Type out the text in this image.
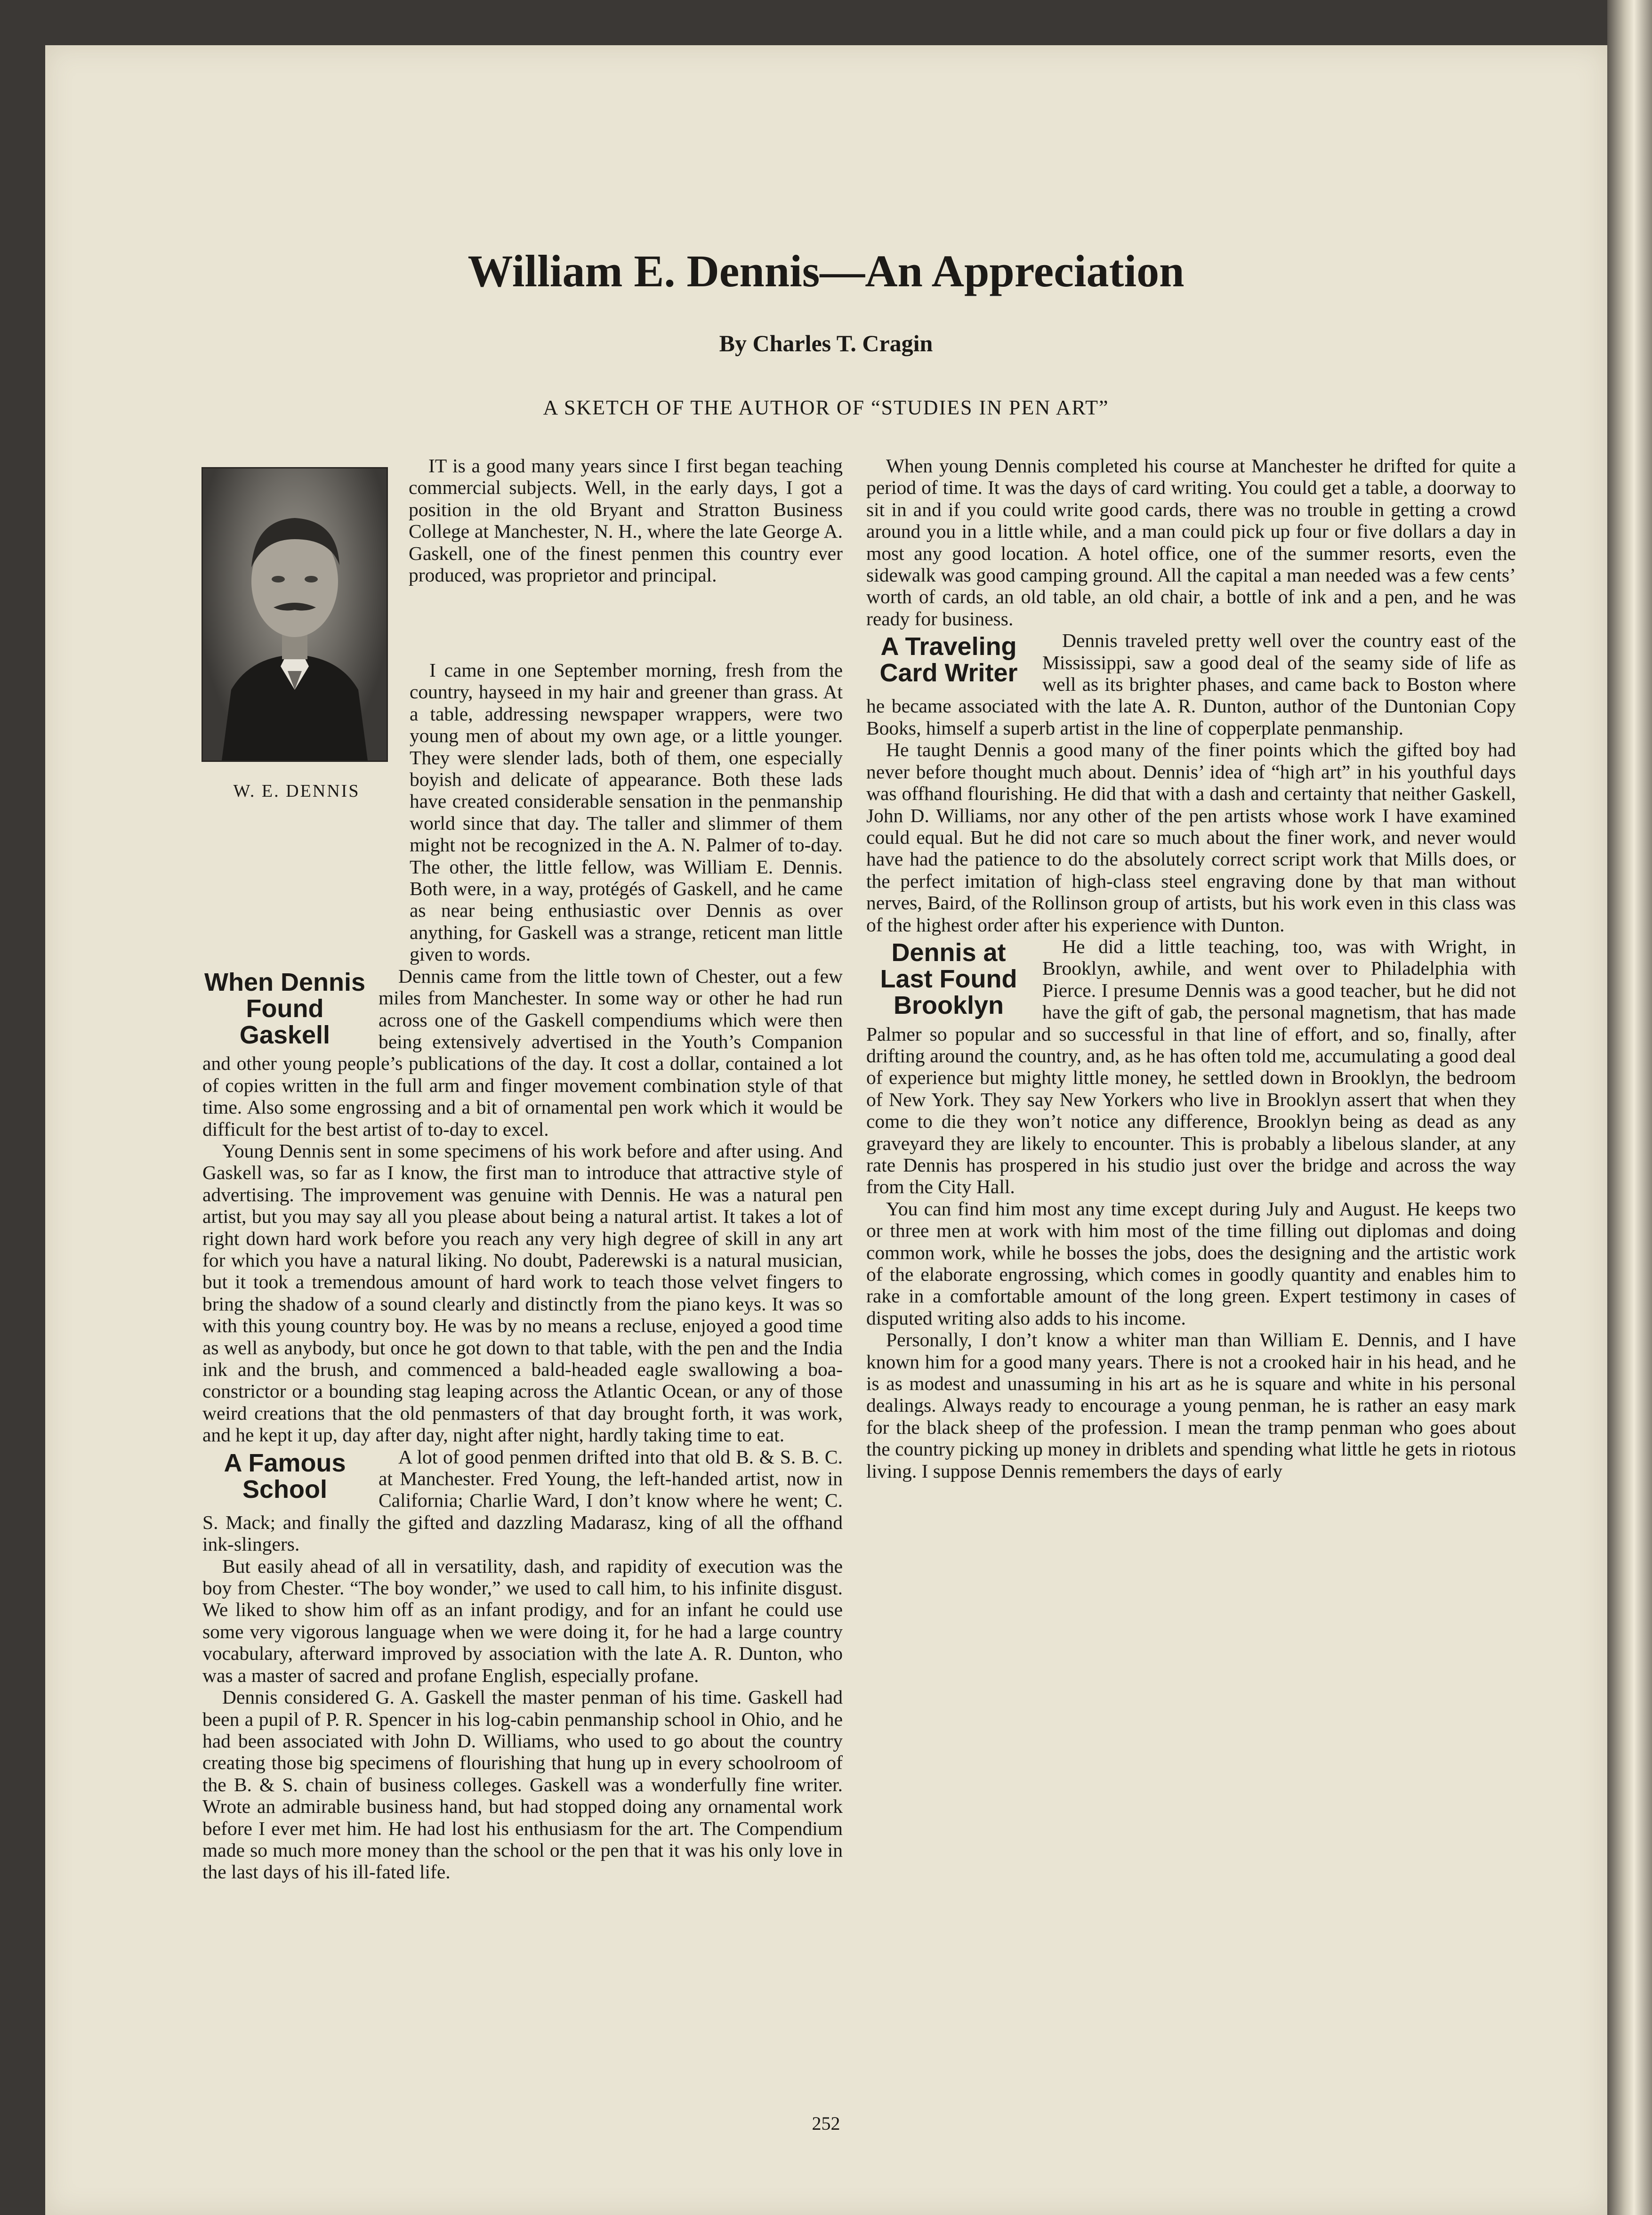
William E. Dennis—An Appreciation

By Charles T. Cragin

A SKETCH OF THE AUTHOR OF “STUDIES IN PEN ART”

W. E. DENNIS

IT is a good many years since I first began teaching commercial subjects. Well, in the early days, I got a position in the old Bryant and Stratton Business College at Manchester, N. H., where the late George A. Gaskell, one of the finest penmen this country ever produced, was proprietor and principal.

I came in one September morning, fresh from the country, hayseed in my hair and greener than grass. At a table, addressing newspaper wrappers, were two young men of about my own age, or a little younger. They were slender lads, both of them, one especially boyish and delicate of appearance. Both these lads have created considerable sensation in the penmanship world since that day. The taller and slimmer of them might not be recognized in the A. N. Palmer of to-day. The other, the little fellow, was William E. Dennis. Both were, in a way, protégés of Gaskell, and he came as near being enthusiastic over Dennis as over anything, for Gaskell was a strange, reticent man little given to words.

When Dennis Found Gaskell

Dennis came from the little town of Chester, out a few miles from Manchester. In some way or other he had run across one of the Gaskell compendiums which were then being extensively advertised in the Youth’s Companion and other young people’s publications of the day. It cost a dollar, contained a lot of copies written in the full arm and finger movement combination style of that time. Also some engrossing and a bit of ornamental pen work which it would be difficult for the best artist of to-day to excel.

Young Dennis sent in some specimens of his work before and after using. And Gaskell was, so far as I know, the first man to introduce that attractive style of advertising. The improvement was genuine with Dennis. He was a natural pen artist, but you may say all you please about being a natural artist. It takes a lot of right down hard work before you reach any very high degree of skill in any art for which you have a natural liking. No doubt, Paderewski is a natural musician, but it took a tremendous amount of hard work to teach those velvet fingers to bring the shadow of a sound clearly and distinctly from the piano keys. It was so with this young country boy. He was by no means a recluse, enjoyed a good time as well as anybody, but once he got down to that table, with the pen and the India ink and the brush, and commenced a bald-headed eagle swallowing a boa-constrictor or a bounding stag leaping across the Atlantic Ocean, or any of those weird creations that the old penmasters of that day brought forth, it was work, and he kept it up, day after day, night after night, hardly taking time to eat.

A Famous School

A lot of good penmen drifted into that old B. & S. B. C. at Manchester. Fred Young, the left-handed artist, now in California; Charlie Ward, I don’t know where he went; C. S. Mack; and finally the gifted and dazzling Madarasz, king of all the offhand ink-slingers.

But easily ahead of all in versatility, dash, and rapidity of execution was the boy from Chester. “The boy wonder,” we used to call him, to his infinite disgust. We liked to show him off as an infant prodigy, and for an infant he could use some very vigorous language when we were doing it, for he had a large country vocabulary, afterward improved by association with the late A. R. Dunton, who was a master of sacred and profane English, especially profane.

Dennis considered G. A. Gaskell the master penman of his time. Gaskell had been a pupil of P. R. Spencer in his log-cabin penmanship school in Ohio, and he had been associated with John D. Williams, who used to go about the country creating those big specimens of flourishing that hung up in every schoolroom of the B. & S. chain of business colleges. Gaskell was a wonderfully fine writer. Wrote an admirable business hand, but had stopped doing any ornamental work before I ever met him. He had lost his enthusiasm for the art. The Compendium made so much more money than the school or the pen that it was his only love in the last days of his ill-fated life.

When young Dennis completed his course at Manchester he drifted for quite a period of time. It was the days of card writing. You could get a table, a doorway to sit in and if you could write good cards, there was no trouble in getting a crowd around you in a little while, and a man could pick up four or five dollars a day in most any good location. A hotel office, one of the summer resorts, even the sidewalk was good camping ground. All the capital a man needed was a few cents’ worth of cards, an old table, an old chair, a bottle of ink and a pen, and he was ready for business.

A Traveling Card Writer

Dennis traveled pretty well over the country east of the Mississippi, saw a good deal of the seamy side of life as well as its brighter phases, and came back to Boston where he became associated with the late A. R. Dunton, author of the Duntonian Copy Books, himself a superb artist in the line of copperplate penmanship.

He taught Dennis a good many of the finer points which the gifted boy had never before thought much about. Dennis’ idea of “high art” in his youthful days was offhand flourishing. He did that with a dash and certainty that neither Gaskell, John D. Williams, nor any other of the pen artists whose work I have examined could equal. But he did not care so much about the finer work, and never would have had the patience to do the absolutely correct script work that Mills does, or the perfect imitation of high-class steel engraving done by that man without nerves, Baird, of the Rollinson group of artists, but his work even in this class was of the highest order after his experience with Dunton.

Dennis at Last Found Brooklyn

He did a little teaching, too, was with Wright, in Brooklyn, awhile, and went over to Philadelphia with Pierce. I presume Dennis was a good teacher, but he did not have the gift of gab, the personal magnetism, that has made Palmer so popular and so successful in that line of effort, and so, finally, after drifting around the country, and, as he has often told me, accumulating a good deal of experience but mighty little money, he settled down in Brooklyn, the bedroom of New York. They say New Yorkers who live in Brooklyn assert that when they come to die they won’t notice any difference, Brooklyn being as dead as any graveyard they are likely to encounter. This is probably a libelous slander, at any rate Dennis has prospered in his studio just over the bridge and across the way from the City Hall.

You can find him most any time except during July and August. He keeps two or three men at work with him most of the time filling out diplomas and doing common work, while he bosses the jobs, does the designing and the artistic work of the elaborate engrossing, which comes in goodly quantity and enables him to rake in a comfortable amount of the long green. Expert testimony in cases of disputed writing also adds to his income.

Personally, I don’t know a whiter man than William E. Dennis, and I have known him for a good many years. There is not a crooked hair in his head, and he is as modest and unassuming in his art as he is square and white in his personal dealings. Always ready to encourage a young penman, he is rather an easy mark for the black sheep of the profession. I mean the tramp penman who goes about the country picking up money in driblets and spending what little he gets in riotous living. I suppose Dennis remembers the days of early

252
